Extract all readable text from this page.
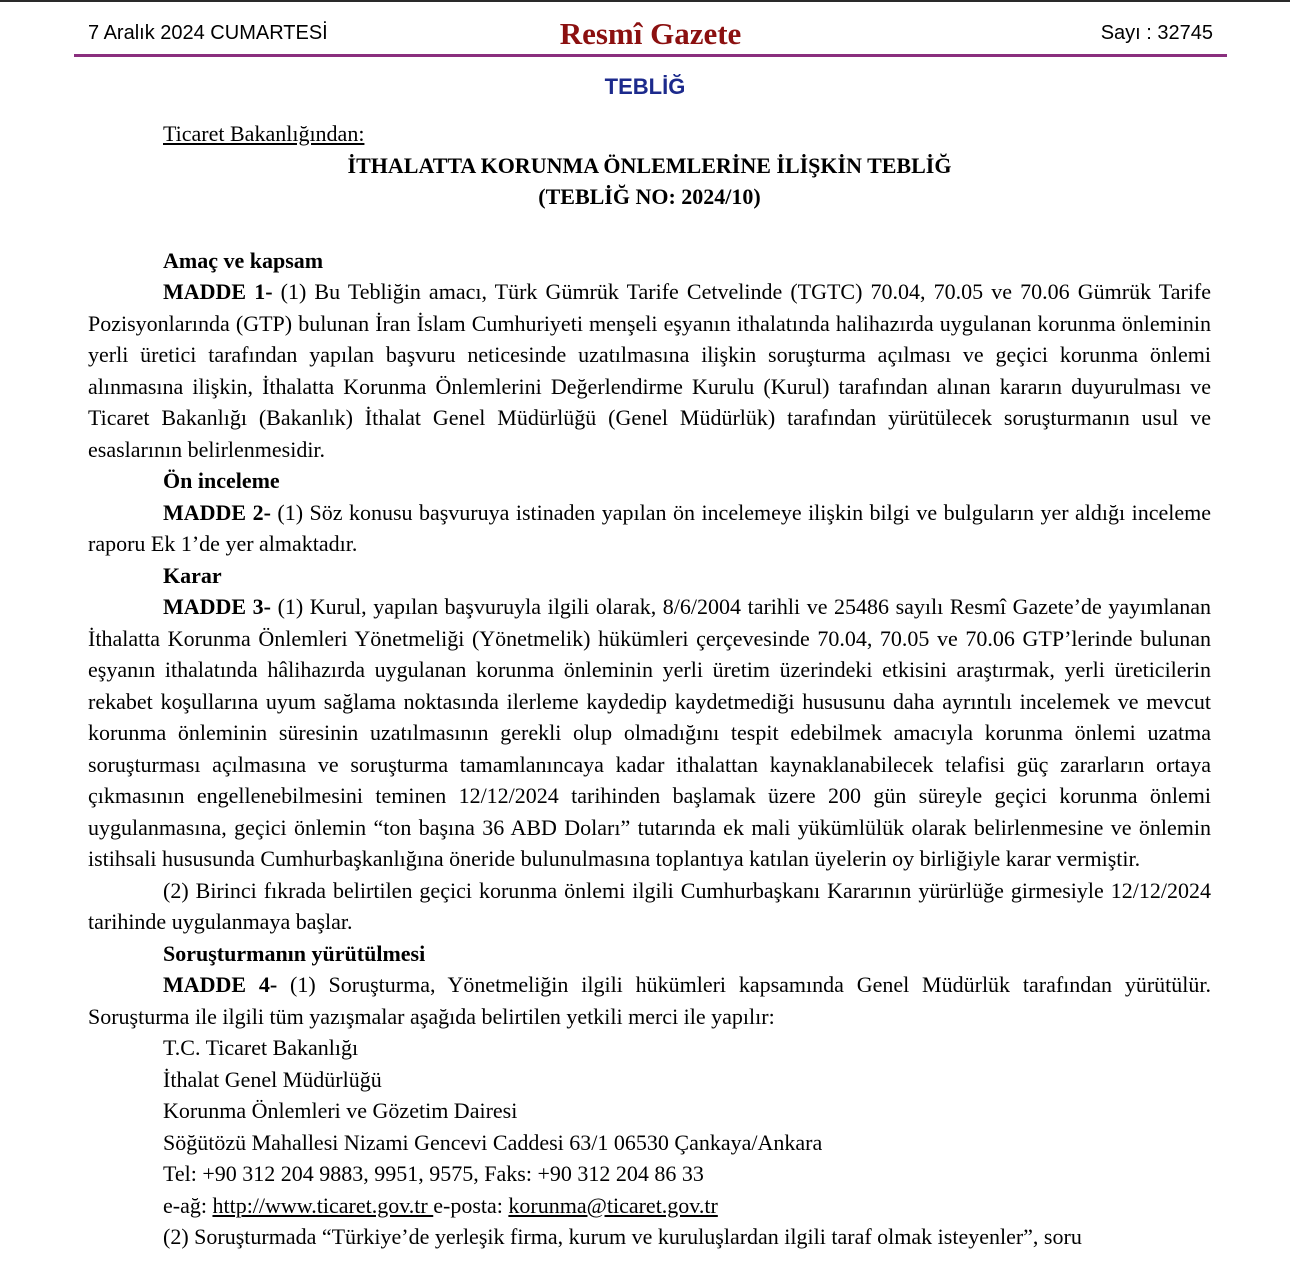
7 Aralık 2024 CUMARTESİ	Resmî Gazete	Sayı : 32745
TEBLİĞ

Ticaret Bakanlığından:

İTHALATTA KORUNMA ÖNLEMLERİNE İLİŞKİN TEBLİĞ

(TEBLİĞ NO: 2024/10)

Amaç ve kapsam

MADDE 1- (1) Bu Tebliğin amacı, Türk Gümrük Tarife Cetvelinde (TGTC) 70.04, 70.05 ve 70.06 Gümrük Tarife Pozisyonlarında (GTP) bulunan İran İslam Cumhuriyeti menşeli eşyanın ithalatında halihazırda uygulanan korunma önleminin yerli üretici tarafından yapılan başvuru neticesinde uzatılmasına ilişkin soruşturma açılması ve geçici korunma önlemi alınmasına ilişkin, İthalatta Korunma Önlemlerini Değerlendirme Kurulu (Kurul) tarafından alınan kararın duyurulması ve Ticaret Bakanlığı (Bakanlık) İthalat Genel Müdürlüğü (Genel Müdürlük) tarafından yürütülecek soruşturmanın usul ve esaslarının belirlenmesidir.

Ön inceleme

MADDE 2- (1) Söz konusu başvuruya istinaden yapılan ön incelemeye ilişkin bilgi ve bulguların yer aldığı inceleme raporu Ek 1’de yer almaktadır.

Karar

MADDE 3- (1) Kurul, yapılan başvuruyla ilgili olarak, 8/6/2004 tarihli ve 25486 sayılı Resmî Gazete’de yayımlanan İthalatta Korunma Önlemleri Yönetmeliği (Yönetmelik) hükümleri çerçevesinde 70.04, 70.05 ve 70.06 GTP’lerinde bulunan eşyanın ithalatında hâlihazırda uygulanan korunma önleminin yerli üretim üzerindeki etkisini araştırmak, yerli üreticilerin rekabet koşullarına uyum sağlama noktasında ilerleme kaydedip kaydetmediği hususunu daha ayrıntılı incelemek ve mevcut korunma önleminin süresinin uzatılmasının gerekli olup olmadığını tespit edebilmek amacıyla korunma önlemi uzatma soruşturması açılmasına ve soruşturma tamamlanıncaya kadar ithalattan kaynaklanabilecek telafisi güç zararların ortaya çıkmasının engellenebilmesini teminen 12/12/2024 tarihinden başlamak üzere 200 gün süreyle geçici korunma önlemi uygulanmasına, geçici önlemin “ton başına 36 ABD Doları” tutarında ek mali yükümlülük olarak belirlenmesine ve önlemin istihsali hususunda Cumhurbaşkanlığına öneride bulunulmasına toplantıya katılan üyelerin oy birliğiyle karar vermiştir.

(2) Birinci fıkrada belirtilen geçici korunma önlemi ilgili Cumhurbaşkanı Kararının yürürlüğe girmesiyle 12/12/2024 tarihinde uygulanmaya başlar.

Soruşturmanın yürütülmesi

MADDE 4- (1) Soruşturma, Yönetmeliğin ilgili hükümleri kapsamında Genel Müdürlük tarafından yürütülür. Soruşturma ile ilgili tüm yazışmalar aşağıda belirtilen yetkili merci ile yapılır:

T.C. Ticaret Bakanlığı

İthalat Genel Müdürlüğü

Korunma Önlemleri ve Gözetim Dairesi

Söğütözü Mahallesi Nizami Gencevi Caddesi 63/1 06530 Çankaya/Ankara

Tel: +90 312 204 9883, 9951, 9575, Faks: +90 312 204 86 33

e-ağ: http://www.ticaret.gov.tr e-posta: korunma@ticaret.gov.tr

(2) Soruşturmada “Türkiye’de yerleşik firma, kurum ve kuruluşlardan ilgili taraf olmak isteyenler”, soru
